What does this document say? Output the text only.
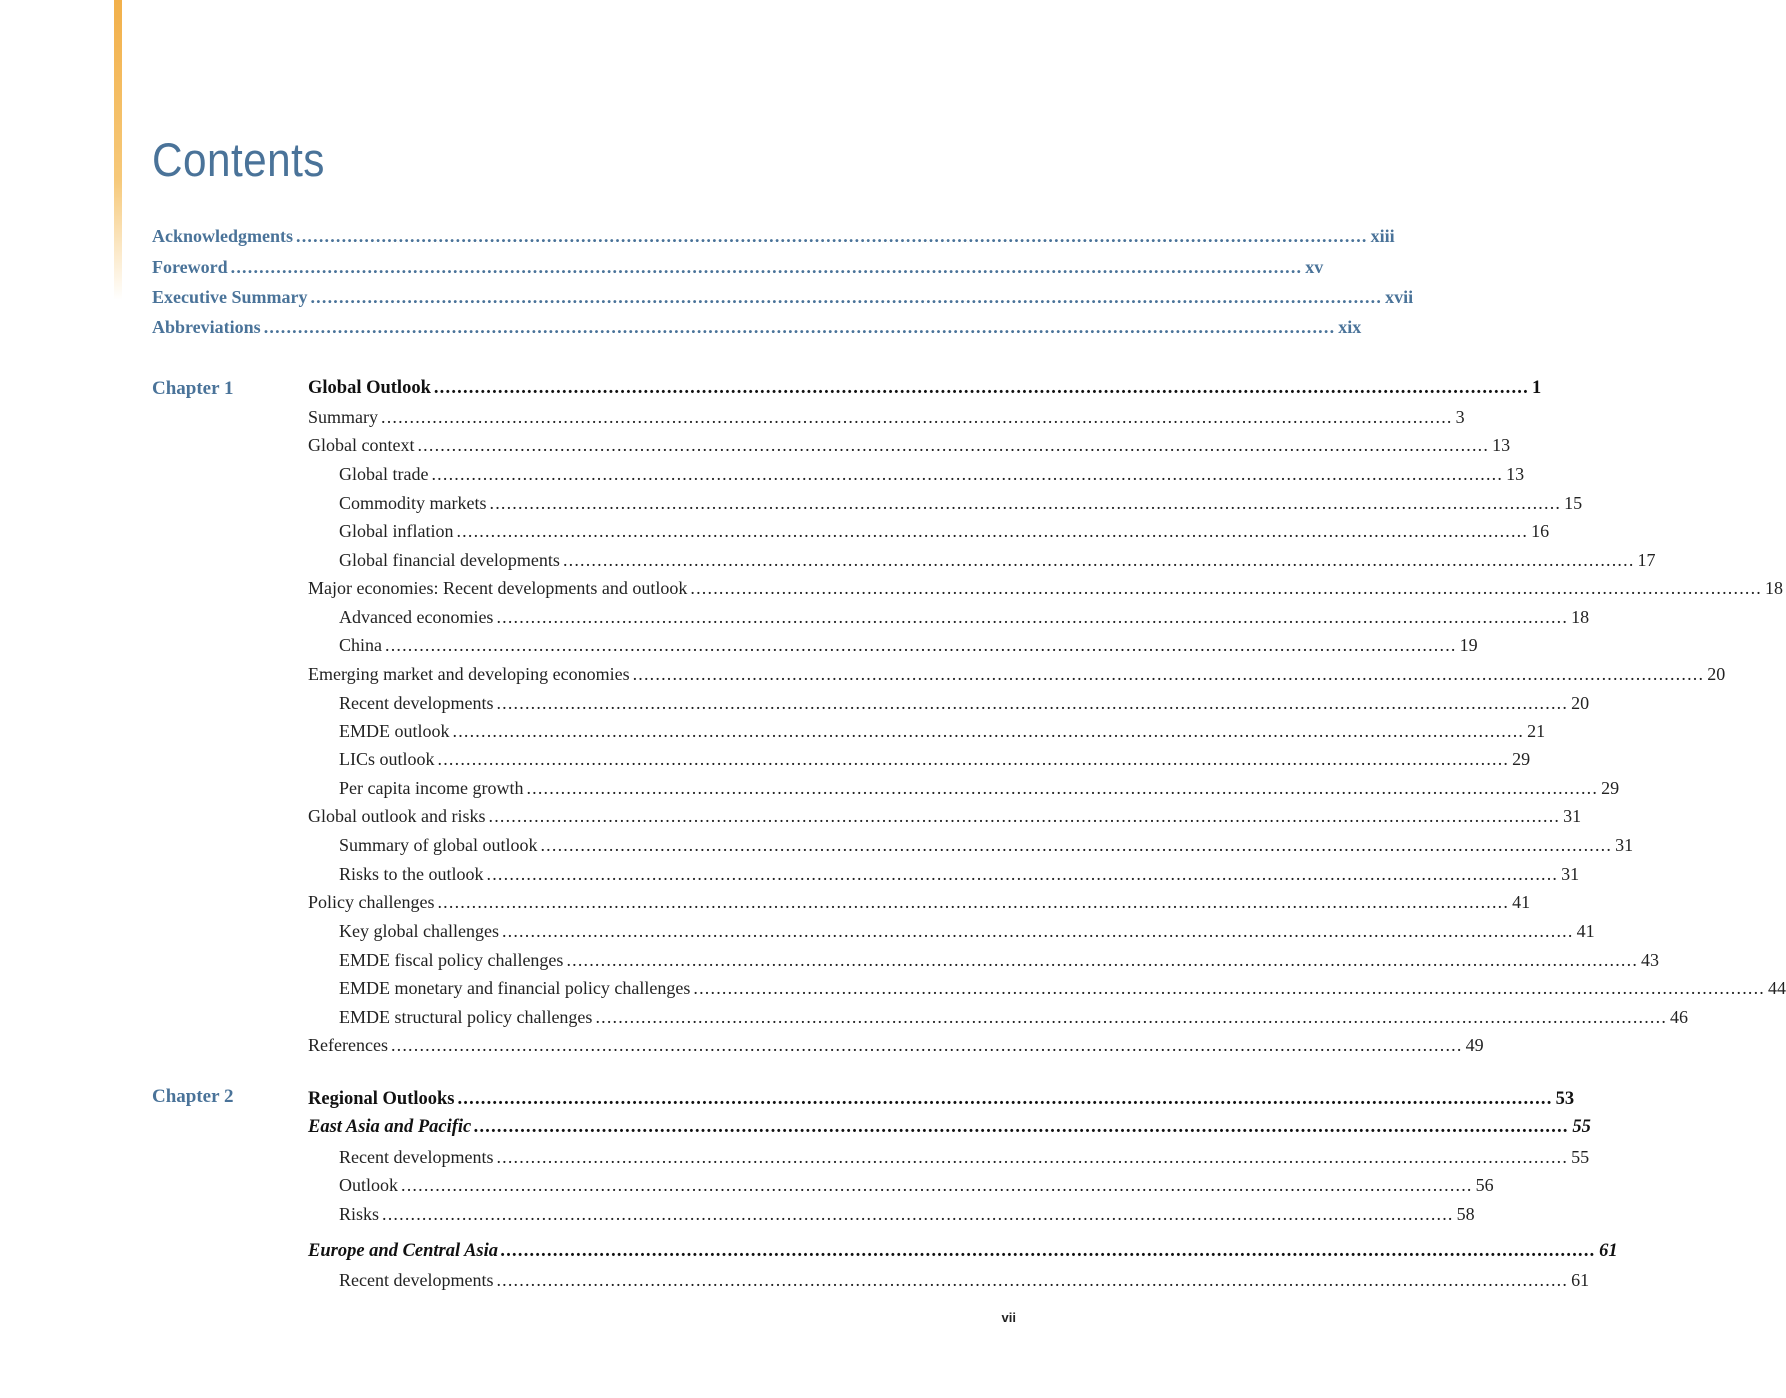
Contents
Acknowledgments ............................................................................................................................................................................................ xiii
Foreword ............................................................................................................................................................................................ xv
Executive Summary ............................................................................................................................................................................................ xvii
Abbreviations ............................................................................................................................................................................................ xix
Chapter 1	Global Outlook ............................................................................................................................................................................................ 1
Summary ............................................................................................................................................................................................ 3
Global context ............................................................................................................................................................................................ 13
Global trade ............................................................................................................................................................................................ 13
Commodity markets ............................................................................................................................................................................................ 15
Global inflation ............................................................................................................................................................................................ 16
Global financial developments ............................................................................................................................................................................................ 17
Major economies: Recent developments and outlook ............................................................................................................................................................................................ 18
Advanced economies ............................................................................................................................................................................................ 18
China ............................................................................................................................................................................................ 19
Emerging market and developing economies ............................................................................................................................................................................................ 20
Recent developments ............................................................................................................................................................................................ 20
EMDE outlook ............................................................................................................................................................................................ 21
LICs outlook ............................................................................................................................................................................................ 29
Per capita income growth ............................................................................................................................................................................................ 29
Global outlook and risks ............................................................................................................................................................................................ 31
Summary of global outlook ............................................................................................................................................................................................ 31
Risks to the outlook ............................................................................................................................................................................................ 31
Policy challenges ............................................................................................................................................................................................ 41
Key global challenges ............................................................................................................................................................................................ 41
EMDE fiscal policy challenges ............................................................................................................................................................................................ 43
EMDE monetary and financial policy challenges ............................................................................................................................................................................................ 44
EMDE structural policy challenges ............................................................................................................................................................................................ 46
References ............................................................................................................................................................................................ 49
Chapter 2	Regional Outlooks ............................................................................................................................................................................................ 53
East Asia and Pacific ............................................................................................................................................................................................ 55
Recent developments ............................................................................................................................................................................................ 55
Outlook ............................................................................................................................................................................................ 56
Risks ............................................................................................................................................................................................ 58
Europe and Central Asia ............................................................................................................................................................................................ 61
Recent developments ............................................................................................................................................................................................ 61
vii
